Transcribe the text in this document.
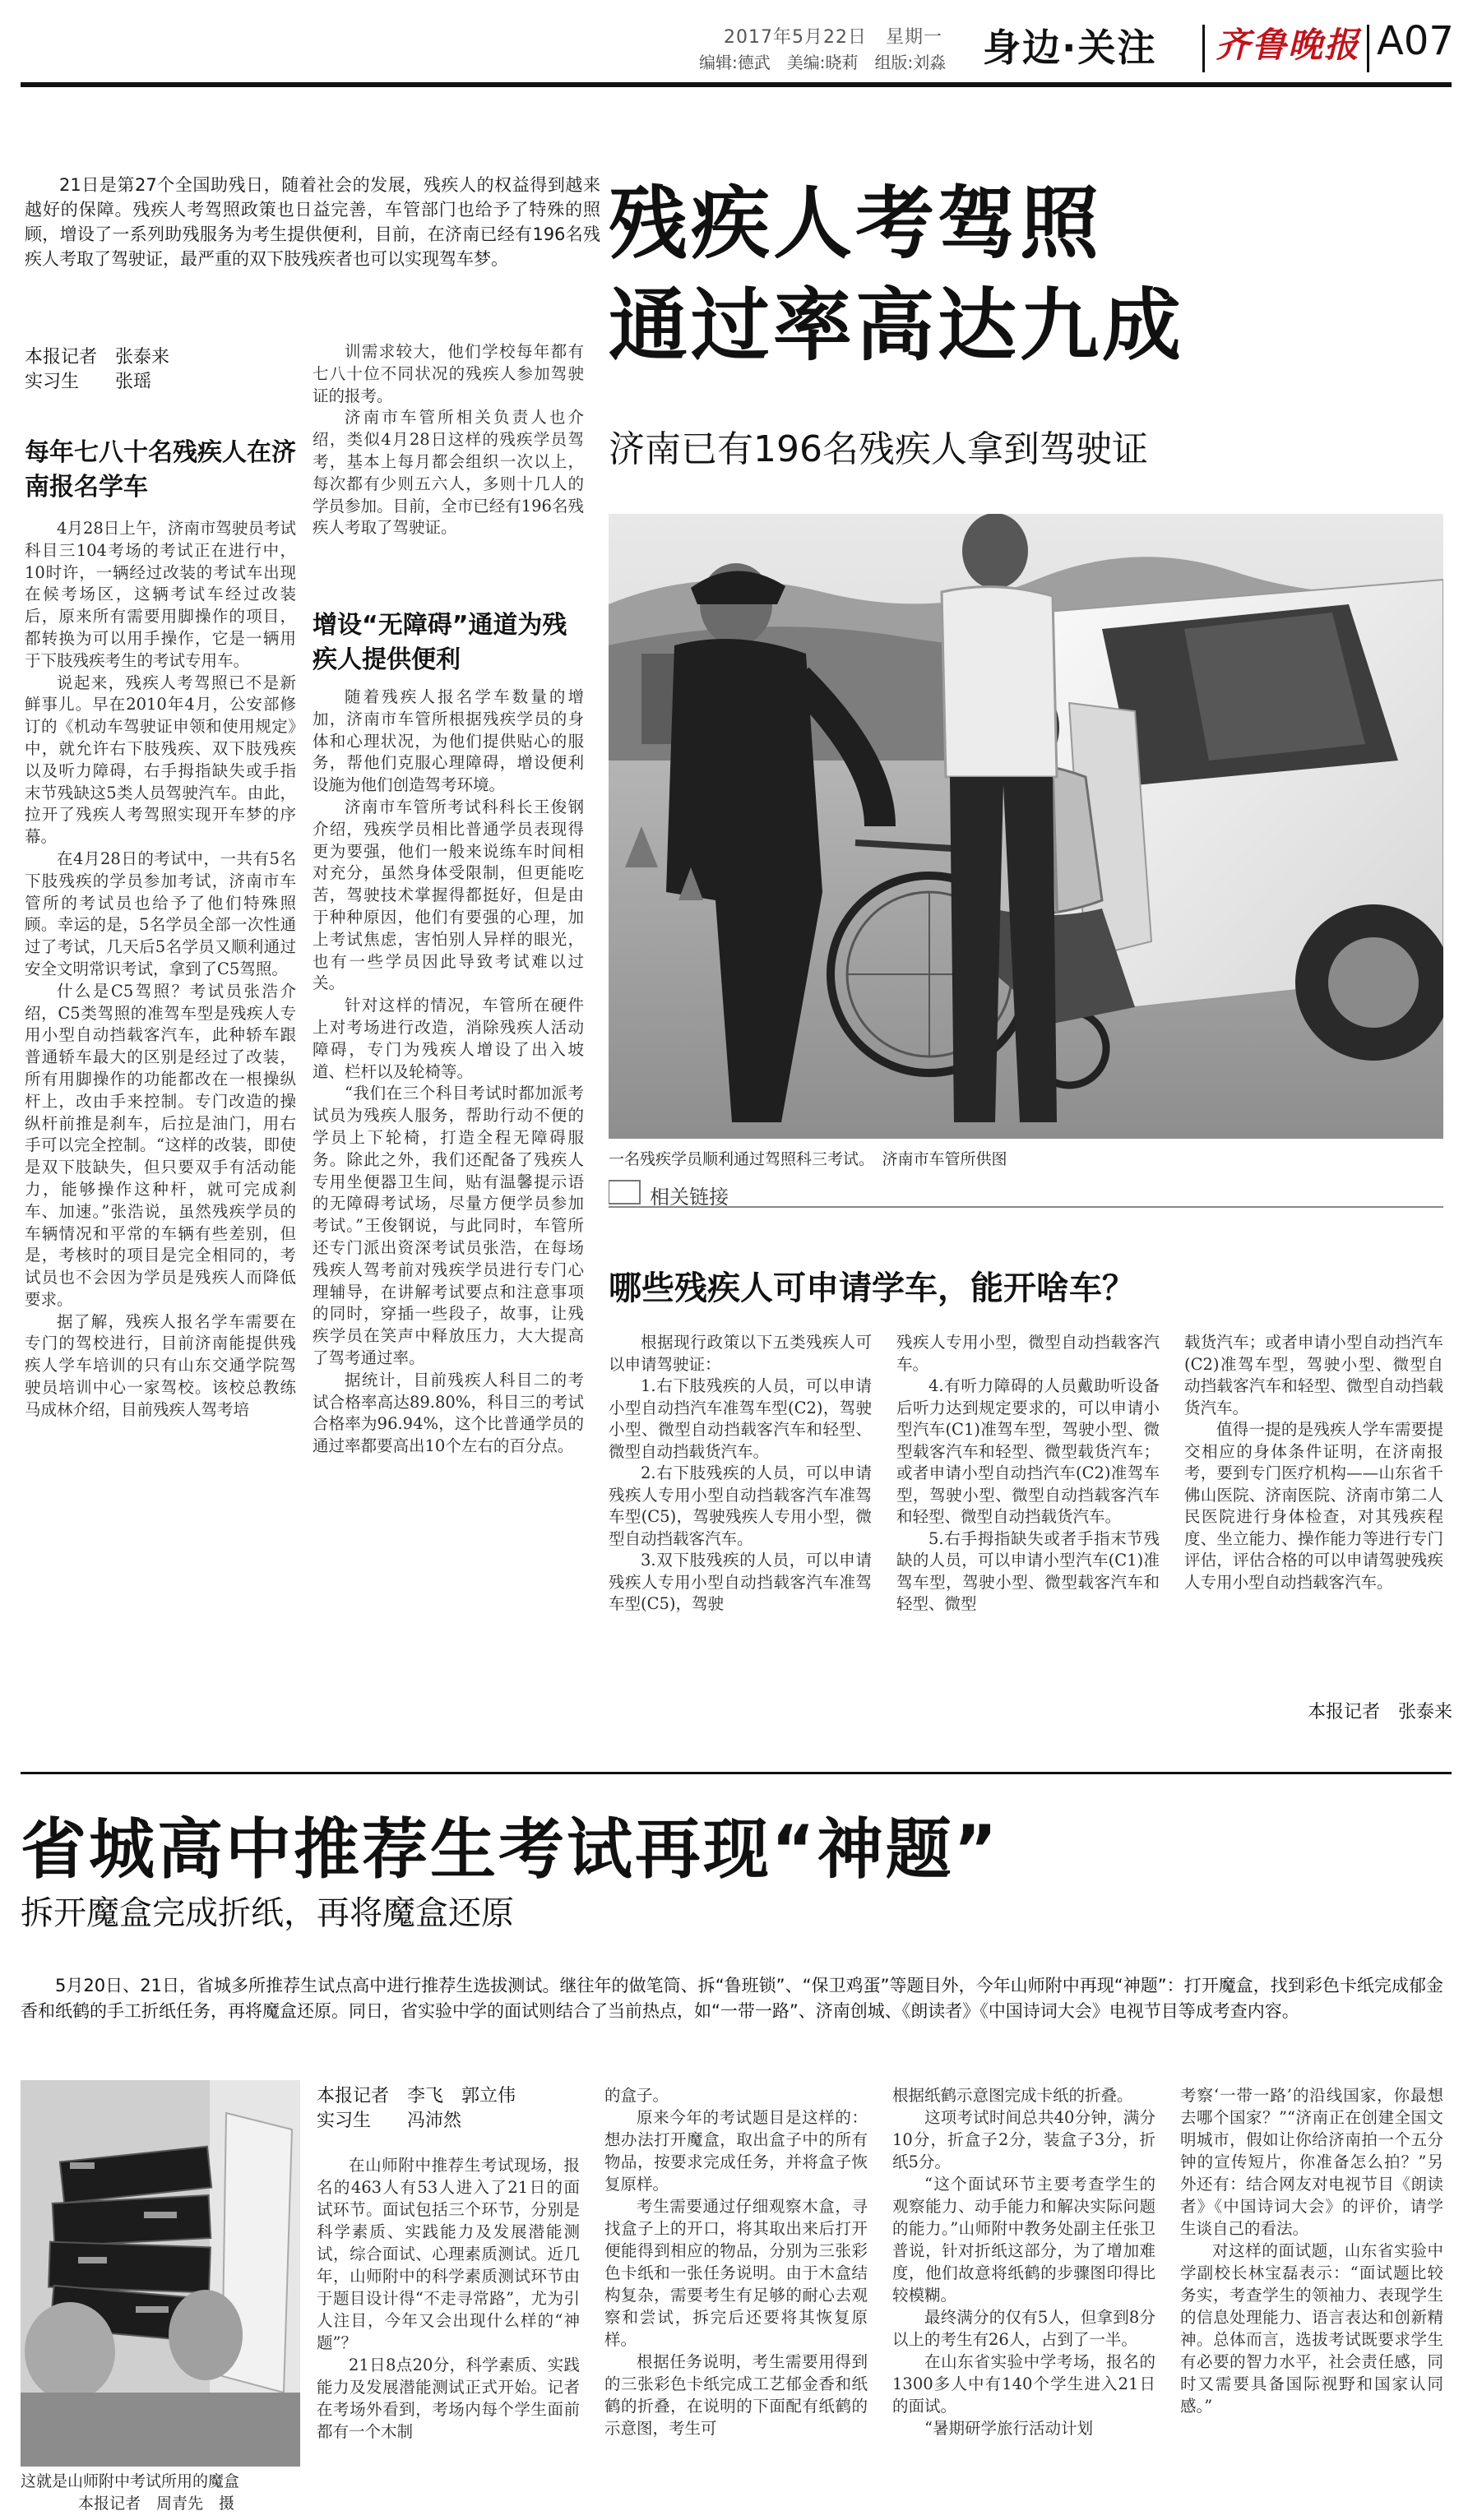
2017年5月22日　星期一
编辑:德武　美编:晓莉　组版:刘淼 身边·关注 齐鲁晚报 A07
21日是第27个全国助残日，随着社会的发展，残疾人的权益得到越来越好的保障。残疾人考驾照政策也日益完善，车管部门也给予了特殊的照顾，增设了一系列助残服务为考生提供便利，目前，在济南已经有196名残疾人考取了驾驶证，最严重的双下肢残疾者也可以实现驾车梦。	残疾人考驾照
通过率高达九成
济南已有196名残疾人拿到驾驶证
本报记者　张泰来
实习生　　张瑶
每年七八十名残疾人在济南报名学车

4月28日上午，济南市驾驶员考试科目三104考场的考试正在进行中，10时许，一辆经过改装的考试车出现在候考场区，这辆考试车经过改装后，原来所有需要用脚操作的项目，都转换为可以用手操作，它是一辆用于下肢残疾考生的考试专用车。

说起来，残疾人考驾照已不是新鲜事儿。早在2010年4月，公安部修订的《机动车驾驶证申领和使用规定》中，就允许右下肢残疾、双下肢残疾以及听力障碍，右手拇指缺失或手指末节残缺这5类人员驾驶汽车。由此，拉开了残疾人考驾照实现开车梦的序幕。

在4月28日的考试中，一共有5名下肢残疾的学员参加考试，济南市车管所的考试员也给予了他们特殊照顾。幸运的是，5名学员全部一次性通过了考试，几天后5名学员又顺利通过安全文明常识考试，拿到了C5驾照。

什么是C5驾照？考试员张浩介绍，C5类驾照的准驾车型是残疾人专用小型自动挡载客汽车，此种轿车跟普通轿车最大的区别是经过了改装，所有用脚操作的功能都改在一根操纵杆上，改由手来控制。专门改造的操纵杆前推是刹车，后拉是油门，用右手可以完全控制。“这样的改装，即使是双下肢缺失，但只要双手有活动能力，能够操作这种杆，就可完成刹车、加速。”张浩说，虽然残疾学员的车辆情况和平常的车辆有些差别，但是，考核时的项目是完全相同的，考试员也不会因为学员是残疾人而降低要求。

据了解，残疾人报名学车需要在专门的驾校进行，目前济南能提供残疾人学车培训的只有山东交通学院驾驶员培训中心一家驾校。该校总教练马成林介绍，目前残疾人驾考培

训需求较大，他们学校每年都有七八十位不同状况的残疾人参加驾驶证的报考。

济南市车管所相关负责人也介绍，类似4月28日这样的残疾学员驾考，基本上每月都会组织一次以上，每次都有少则五六人，多则十几人的学员参加。目前，全市已经有196名残疾人考取了驾驶证。

增设“无障碍”通道为残疾人提供便利

随着残疾人报名学车数量的增加，济南市车管所根据残疾学员的身体和心理状况，为他们提供贴心的服务，帮他们克服心理障碍，增设便利设施为他们创造驾考环境。

济南市车管所考试科科长王俊钢介绍，残疾学员相比普通学员表现得更为要强，他们一般来说练车时间相对充分，虽然身体受限制，但更能吃苦，驾驶技术掌握得都挺好，但是由于种种原因，他们有要强的心理，加上考试焦虑，害怕别人异样的眼光，也有一些学员因此导致考试难以过关。

针对这样的情况，车管所在硬件上对考场进行改造，消除残疾人活动障碍，专门为残疾人增设了出入坡道、栏杆以及轮椅等。

“我们在三个科目考试时都加派考试员为残疾人服务，帮助行动不便的学员上下轮椅，打造全程无障碍服务。除此之外，我们还配备了残疾人专用坐便器卫生间，贴有温馨提示语的无障碍考试场，尽量方便学员参加考试。”王俊钢说，与此同时，车管所还专门派出资深考试员张浩，在每场残疾人驾考前对残疾学员进行专门心理辅导，在讲解考试要点和注意事项的同时，穿插一些段子，故事，让残疾学员在笑声中释放压力，大大提高了驾考通过率。

据统计，目前残疾人科目二的考试合格率高达89.80%，科目三的考试合格率为96.94%，这个比普通学员的通过率都要高出10个左右的百分点。

一名残疾学员顺利通过驾照科三考试。　济南市车管所供图
相关链接
哪些残疾人可申请学车，能开啥车？

根据现行政策以下五类残疾人可以申请驾驶证：

1.右下肢残疾的人员，可以申请小型自动挡汽车准驾车型(C2)，驾驶小型、微型自动挡载客汽车和轻型、微型自动挡载货汽车。

2.右下肢残疾的人员，可以申请残疾人专用小型自动挡载客汽车准驾车型(C5)，驾驶残疾人专用小型，微型自动挡载客汽车。

3.双下肢残疾的人员，可以申请残疾人专用小型自动挡载客汽车准驾车型(C5)，驾驶

残疾人专用小型，微型自动挡载客汽车。

4.有听力障碍的人员戴助听设备后听力达到规定要求的，可以申请小型汽车(C1)准驾车型，驾驶小型、微型载客汽车和轻型、微型载货汽车；或者申请小型自动挡汽车(C2)准驾车型，驾驶小型、微型自动挡载客汽车和轻型、微型自动挡载货汽车。

5.右手拇指缺失或者手指末节残缺的人员，可以申请小型汽车(C1)准驾车型，驾驶小型、微型载客汽车和轻型、微型

载货汽车；或者申请小型自动挡汽车(C2)准驾车型，驾驶小型、微型自动挡载客汽车和轻型、微型自动挡载货汽车。

值得一提的是残疾人学车需要提交相应的身体条件证明，在济南报考，要到专门医疗机构——山东省千佛山医院、济南医院、济南市第二人民医院进行身体检查，对其残疾程度、坐立能力、操作能力等进行专门评估，评估合格的可以申请驾驶残疾人专用小型自动挡载客汽车。

本报记者　张泰来
省城高中推荐生考试再现“神题”
拆开魔盒完成折纸，再将魔盒还原
5月20日、21日，省城多所推荐生试点高中进行推荐生选拔测试。继往年的做笔筒、拆“鲁班锁”、“保卫鸡蛋”等题目外，今年山师附中再现“神题”：打开魔盒，找到彩色卡纸完成郁金香和纸鹤的手工折纸任务，再将魔盒还原。同日，省实验中学的面试则结合了当前热点，如“一带一路”、济南创城、《朗读者》《中国诗词大会》电视节目等成考查内容。
这就是山师附中考试所用的魔盒
本报记者　周青先　摄
本报记者　李飞　郭立伟
实习生　　冯沛然

在山师附中推荐生考试现场，报名的463人有53人进入了21日的面试环节。面试包括三个环节，分别是科学素质、实践能力及发展潜能测试，综合面试、心理素质测试。近几年，山师附中的科学素质测试环节由于题目设计得“不走寻常路”，尤为引人注目，今年又会出现什么样的“神题”？

21日8点20分，科学素质、实践能力及发展潜能测试正式开始。记者在考场外看到，考场内每个学生面前都有一个木制

的盒子。

原来今年的考试题目是这样的：想办法打开魔盒，取出盒子中的所有物品，按要求完成任务，并将盒子恢复原样。

考生需要通过仔细观察木盒，寻找盒子上的开口，将其取出来后打开便能得到相应的物品，分别为三张彩色卡纸和一张任务说明。由于木盒结构复杂，需要考生有足够的耐心去观察和尝试，拆完后还要将其恢复原样。

根据任务说明，考生需要用得到的三张彩色卡纸完成工艺郁金香和纸鹤的折叠，在说明的下面配有纸鹤的示意图，考生可

根据纸鹤示意图完成卡纸的折叠。

这项考试时间总共40分钟，满分10分，折盒子2分，装盒子3分，折纸5分。

“这个面试环节主要考查学生的观察能力、动手能力和解决实际问题的能力。”山师附中教务处副主任张卫普说，针对折纸这部分，为了增加难度，他们故意将纸鹤的步骤图印得比较模糊。

最终满分的仅有5人，但拿到8分以上的考生有26人，占到了一半。

在山东省实验中学考场，报名的1300多人中有140个学生进入21日的面试。

“暑期研学旅行活动计划

考察‘一带一路’的沿线国家，你最想去哪个国家？”“济南正在创建全国文明城市，假如让你给济南拍一个五分钟的宣传短片，你准备怎么拍？”另外还有：结合网友对电视节目《朗读者》《中国诗词大会》的评价，请学生谈自己的看法。

对这样的面试题，山东省实验中学副校长林宝磊表示：“面试题比较务实，考查学生的领袖力、表现学生的信息处理能力、语言表达和创新精神。总体而言，选拔考试既要求学生有必要的智力水平，社会责任感，同时又需要具备国际视野和国家认同感。”
